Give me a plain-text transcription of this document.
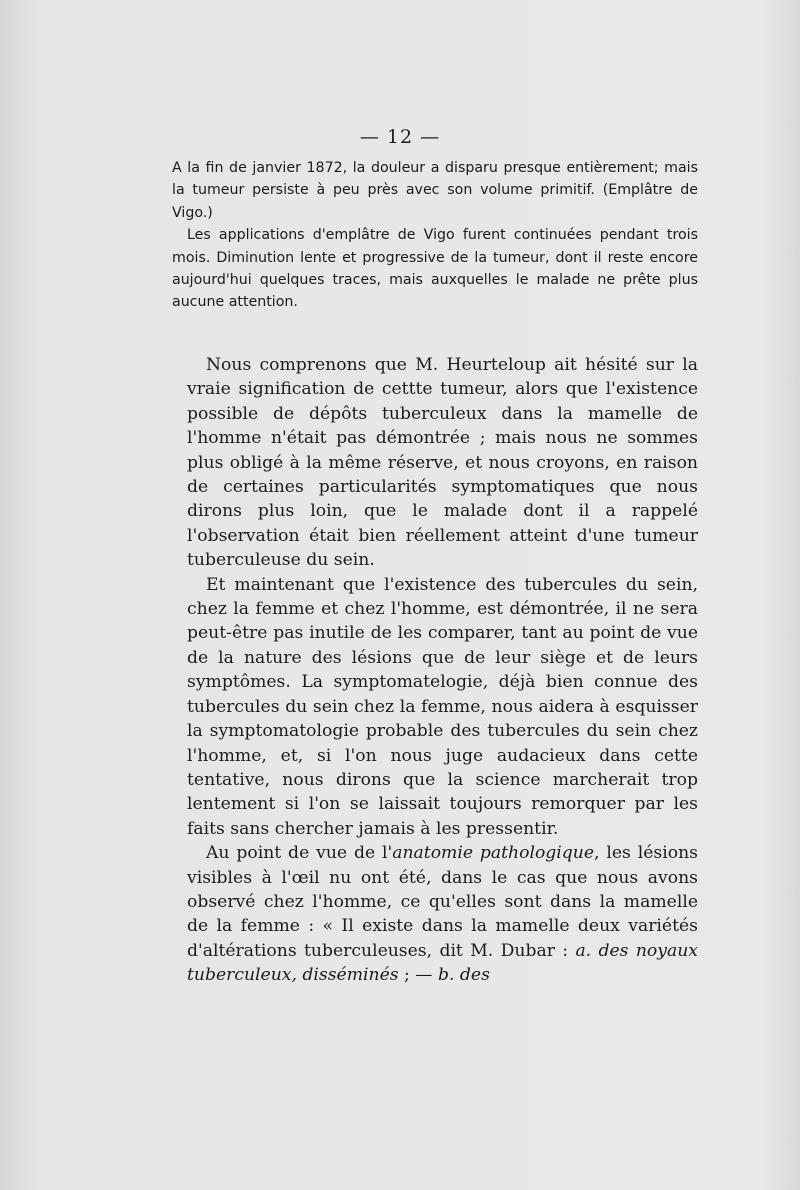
— 12 —

A la fin de janvier 1872, la douleur a disparu presque entièrement; mais la tumeur persiste à peu près avec son volume primitif. (Emplâtre de Vigo.)

Les applications d'emplâtre de Vigo furent continuées pendant trois mois. Diminution lente et progressive de la tumeur, dont il reste encore aujourd'hui quelques traces, mais auxquelles le malade ne prête plus aucune attention.

Nous comprenons que M. Heurteloup ait hésité sur la vraie signification de cettte tumeur, alors que l'existence possible de dépôts tuberculeux dans la mamelle de l'homme n'était pas démontrée ; mais nous ne sommes plus obligé à la même réserve, et nous croyons, en raison de certaines particularités symptomatiques que nous dirons plus loin, que le malade dont il a rappelé l'observation était bien réellement atteint d'une tumeur tuberculeuse du sein.

Et maintenant que l'existence des tubercules du sein, chez la femme et chez l'homme, est démontrée, il ne sera peut-être pas inutile de les comparer, tant au point de vue de la nature des lésions que de leur siège et de leurs symptômes. La symptomatelogie, déjà bien connue des tubercules du sein chez la femme, nous aidera à esquisser la symptomatologie probable des tubercules du sein chez l'homme, et, si l'on nous juge audacieux dans cette tentative, nous dirons que la science marcherait trop lentement si l'on se laissait toujours remorquer par les faits sans chercher jamais à les pressentir.

Au point de vue de l'anatomie pathologique, les lésions visibles à l'œil nu ont été, dans le cas que nous avons observé chez l'homme, ce qu'elles sont dans la mamelle de la femme : « Il existe dans la mamelle deux variétés d'altérations tuberculeuses, dit M. Dubar : a. des noyaux tuberculeux, disséminés ; — b. des
